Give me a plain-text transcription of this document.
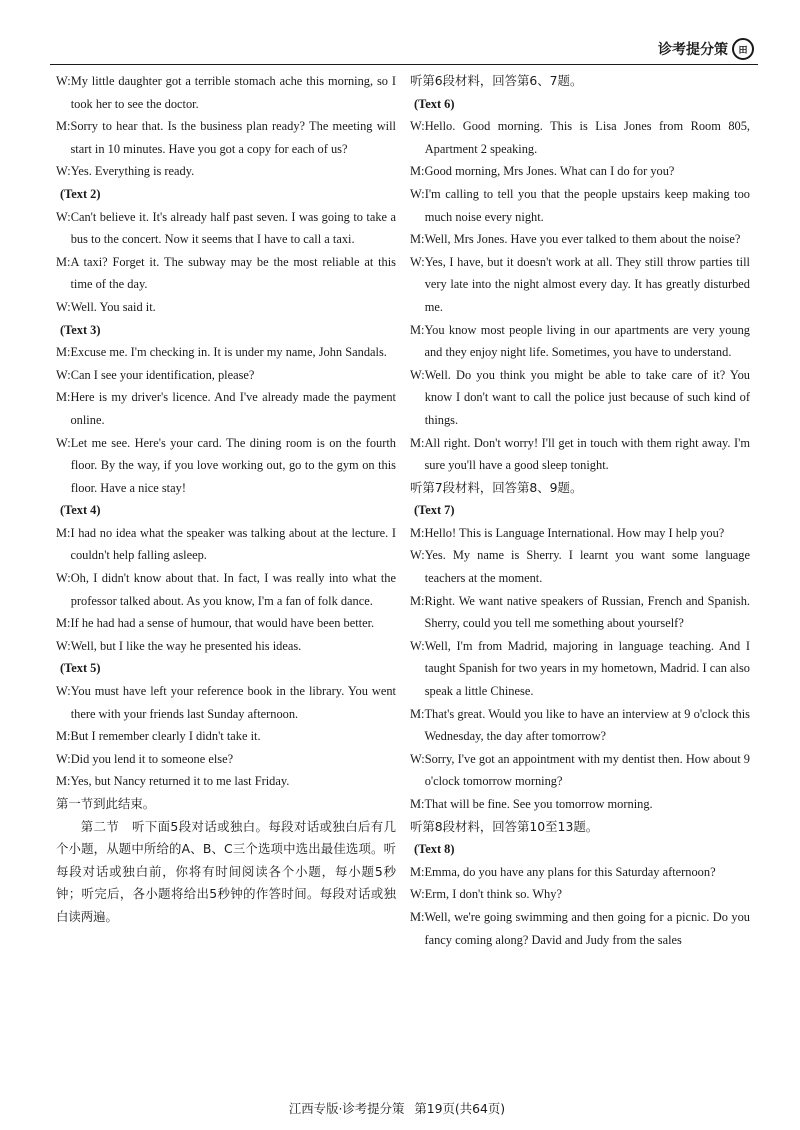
诊考提分策	田
W: My little daughter got a terrible stomach ache this morning, so I took her to see the doctor.
M: Sorry to hear that. Is the business plan ready? The meeting will start in 10 minutes. Have you got a copy for each of us?
W: Yes. Everything is ready.
(Text 2)
W: Can't believe it. It's already half past seven. I was going to take a bus to the concert. Now it seems that I have to call a taxi.
M: A taxi? Forget it. The subway may be the most reliable at this time of the day.
W: Well. You said it.
(Text 3)
M: Excuse me. I'm checking in. It is under my name, John Sandals.
W: Can I see your identification, please?
M: Here is my driver's licence. And I've already made the payment online.
W: Let me see. Here's your card. The dining room is on the fourth floor. By the way, if you love working out, go to the gym on this floor. Have a nice stay!
(Text 4)
M: I had no idea what the speaker was talking about at the lecture. I couldn't help falling asleep.
W: Oh, I didn't know about that. In fact, I was really into what the professor talked about. As you know, I'm a fan of folk dance.
M: If he had had a sense of humour, that would have been better.
W: Well, but I like the way he presented his ideas.
(Text 5)
W: You must have left your reference book in the library. You went there with your friends last Sunday afternoon.
M: But I remember clearly I didn't take it.
W: Did you lend it to someone else?
M: Yes, but Nancy returned it to me last Friday.
第一节到此结束。
第二节　听下面5段对话或独白。每段对话或独白后有几个小题，从题中所给的A、B、C三个选项中选出最佳选项。听每段对话或独白前，你将有时间阅读各个小题，每小题5秒钟；听完后，各小题将给出5秒钟的作答时间。每段对话或独白读两遍。
听第6段材料，回答第6、7题。
(Text 6)
W: Hello. Good morning. This is Lisa Jones from Room 805, Apartment 2 speaking.
M: Good morning, Mrs Jones. What can I do for you?
W: I'm calling to tell you that the people upstairs keep making too much noise every night.
M: Well, Mrs Jones. Have you ever talked to them about the noise?
W: Yes, I have, but it doesn't work at all. They still throw parties till very late into the night almost every day. It has greatly disturbed me.
M: You know most people living in our apartments are very young and they enjoy night life. Sometimes, you have to understand.
W: Well. Do you think you might be able to take care of it? You know I don't want to call the police just because of such kind of things.
M: All right. Don't worry! I'll get in touch with them right away. I'm sure you'll have a good sleep tonight.
听第7段材料，回答第8、9题。
(Text 7)
M: Hello! This is Language International. How may I help you?
W: Yes. My name is Sherry. I learnt you want some language teachers at the moment.
M: Right. We want native speakers of Russian, French and Spanish. Sherry, could you tell me something about yourself?
W: Well, I'm from Madrid, majoring in language teaching. And I taught Spanish for two years in my hometown, Madrid. I can also speak a little Chinese.
M: That's great. Would you like to have an interview at 9 o'clock this Wednesday, the day after tomorrow?
W: Sorry, I've got an appointment with my dentist then. How about 9 o'clock tomorrow morning?
M: That will be fine. See you tomorrow morning.
听第8段材料，回答第10至13题。
(Text 8)
M: Emma, do you have any plans for this Saturday afternoon?
W: Erm, I don't think so. Why?
M: Well, we're going swimming and then going for a picnic. Do you fancy coming along? David and Judy from the sales
江西专版·诊考提分策 第19页(共64页)
